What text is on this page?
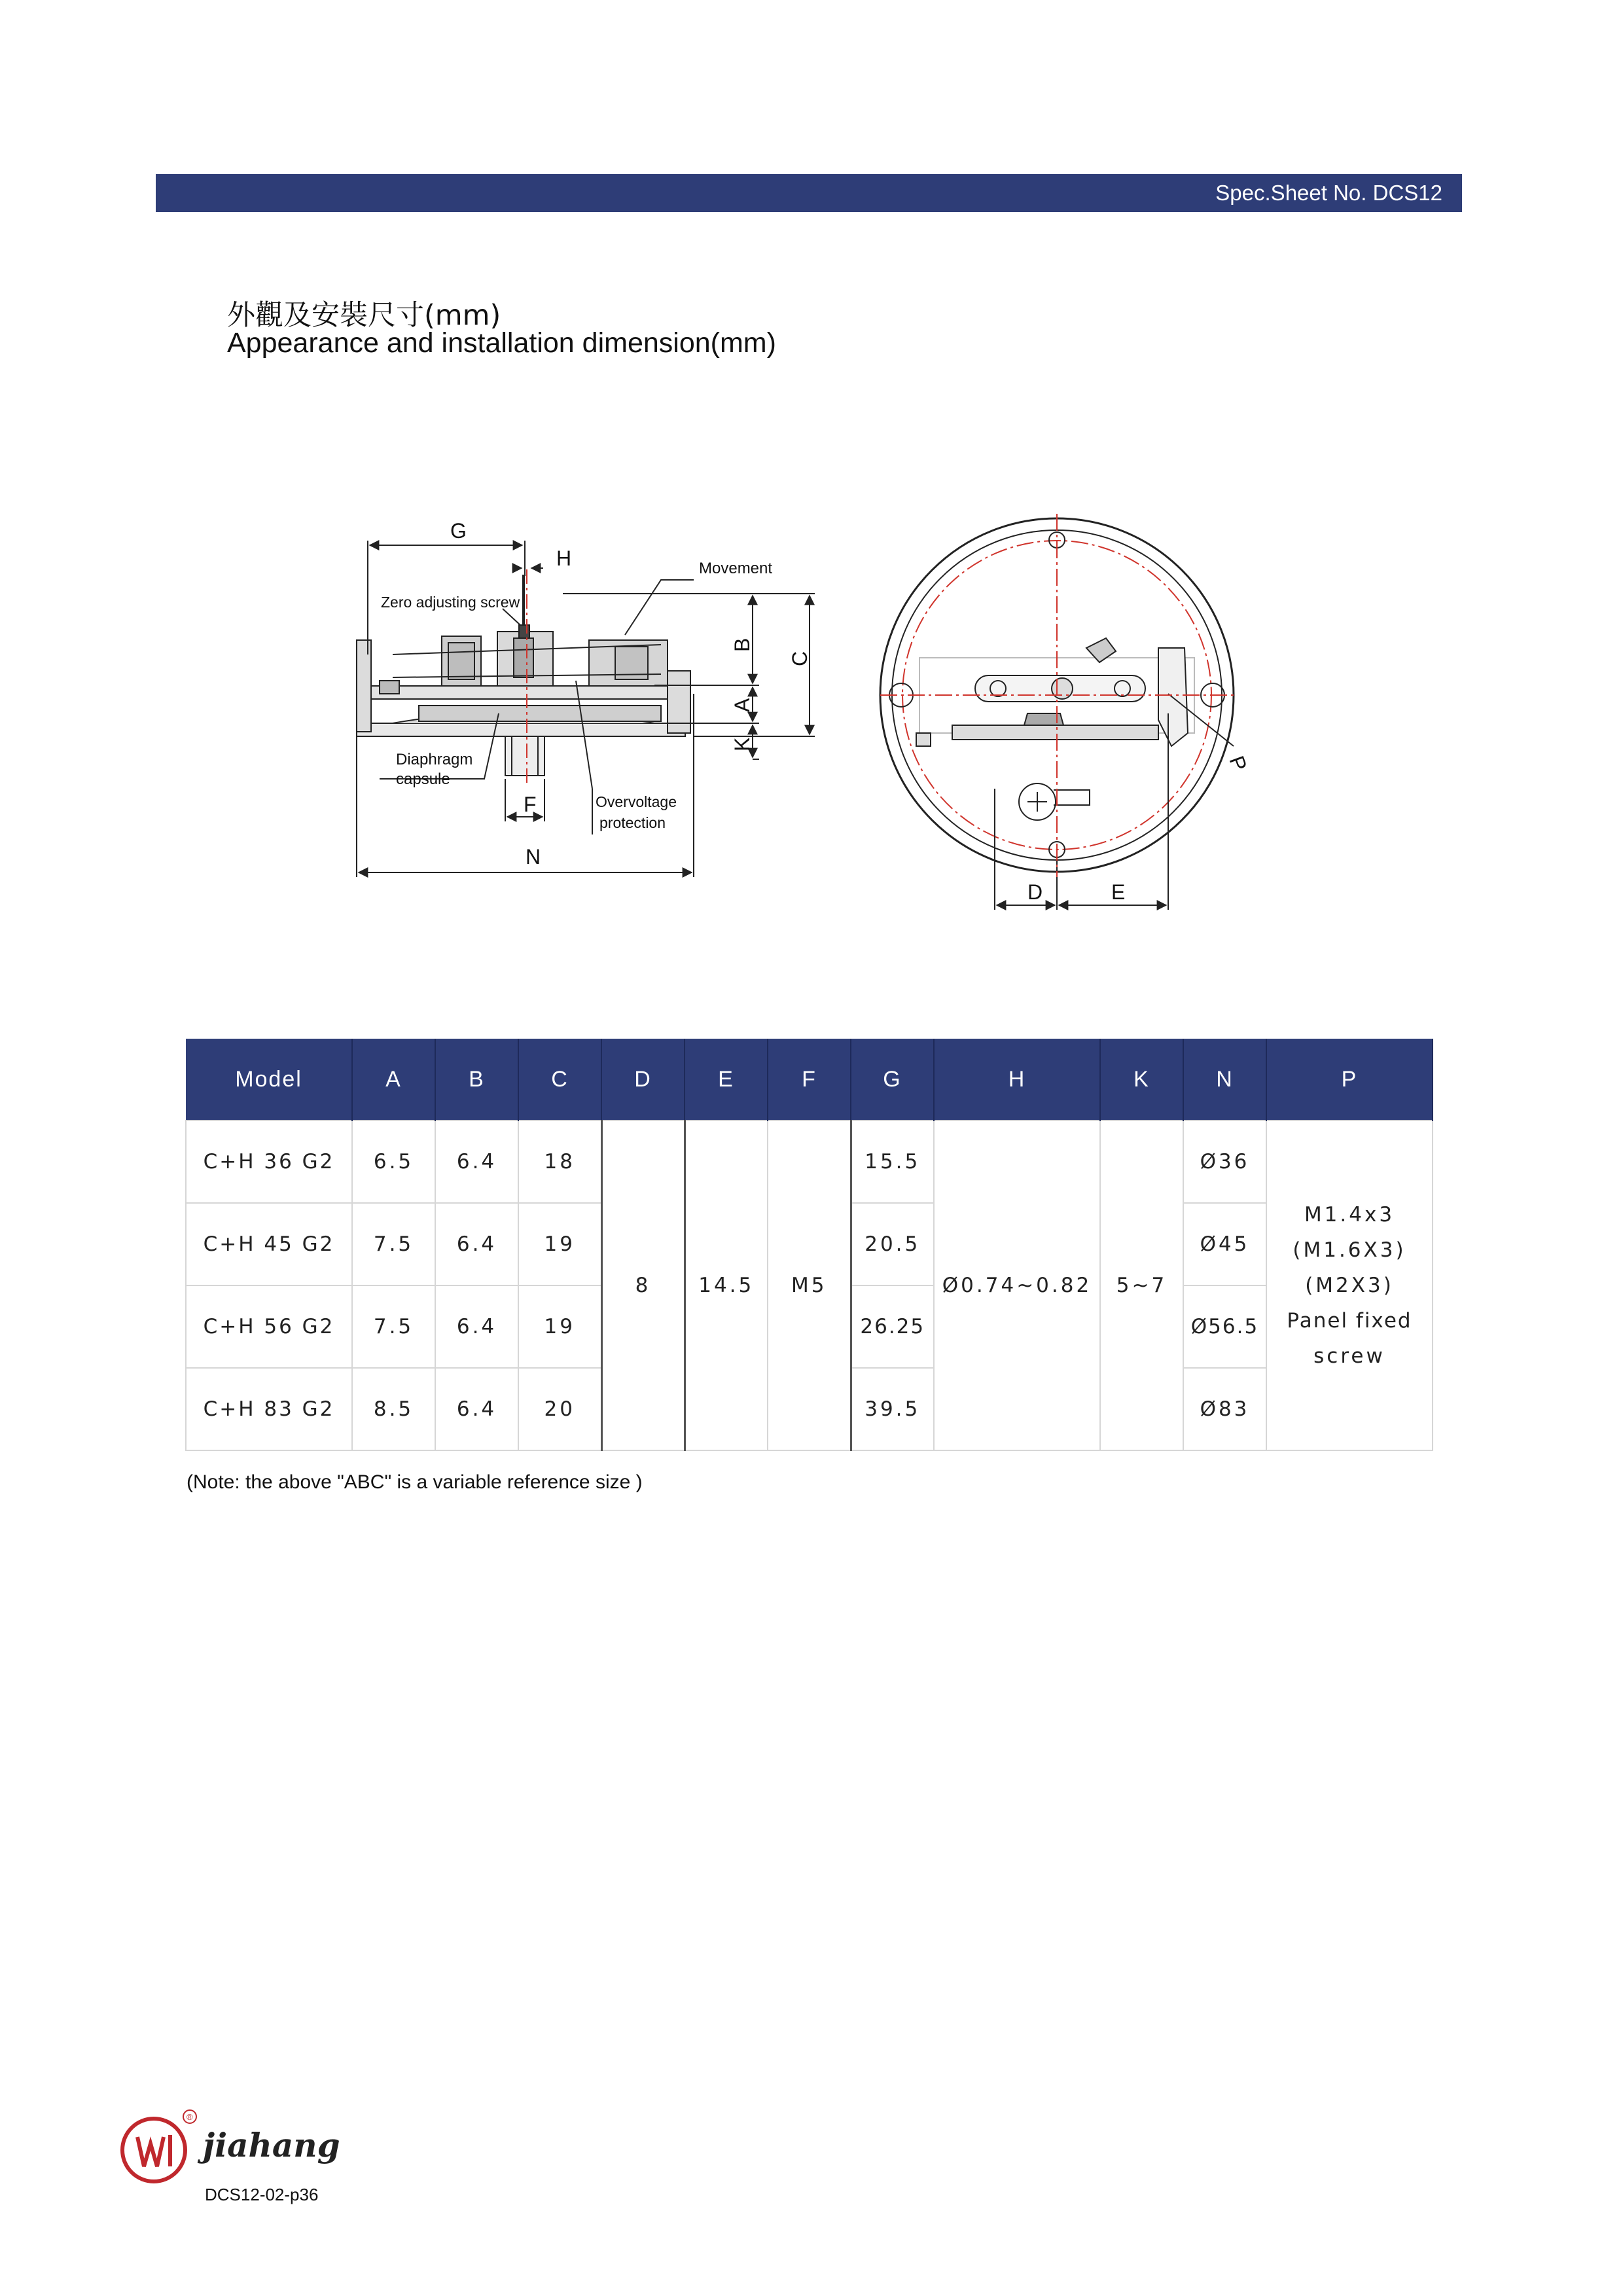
Spec.Sheet No. DCS12
外觀及安裝尺寸(mm)
Appearance and installation dimension(mm)
G
H	Movement
Zero adjusting screw
B
C
A
K
Diaphragm
capsule
F	Overvoltage
protection
N
P
D	E
Model	A	B	C	D	E	F	G	H	K	N	P
C+H 36 G2	6.5	6.4	18	8	14.5	M5	15.5	Ø0.74~0.82	5~7	Ø36	M1.4x3
(M1.6X3)
(M2X3)
Panel fixed
screw

C+H 45 G2	7.5	6.4	19				20.5			Ø45	
C+H 56 G2	7.5	6.4	19				26.25			Ø56.5	
C+H 83 G2	8.5	6.4	20				39.5			Ø83	
(Note: the above "ABC" is a variable reference size )
®
jiahang
DCS12-02-p36
